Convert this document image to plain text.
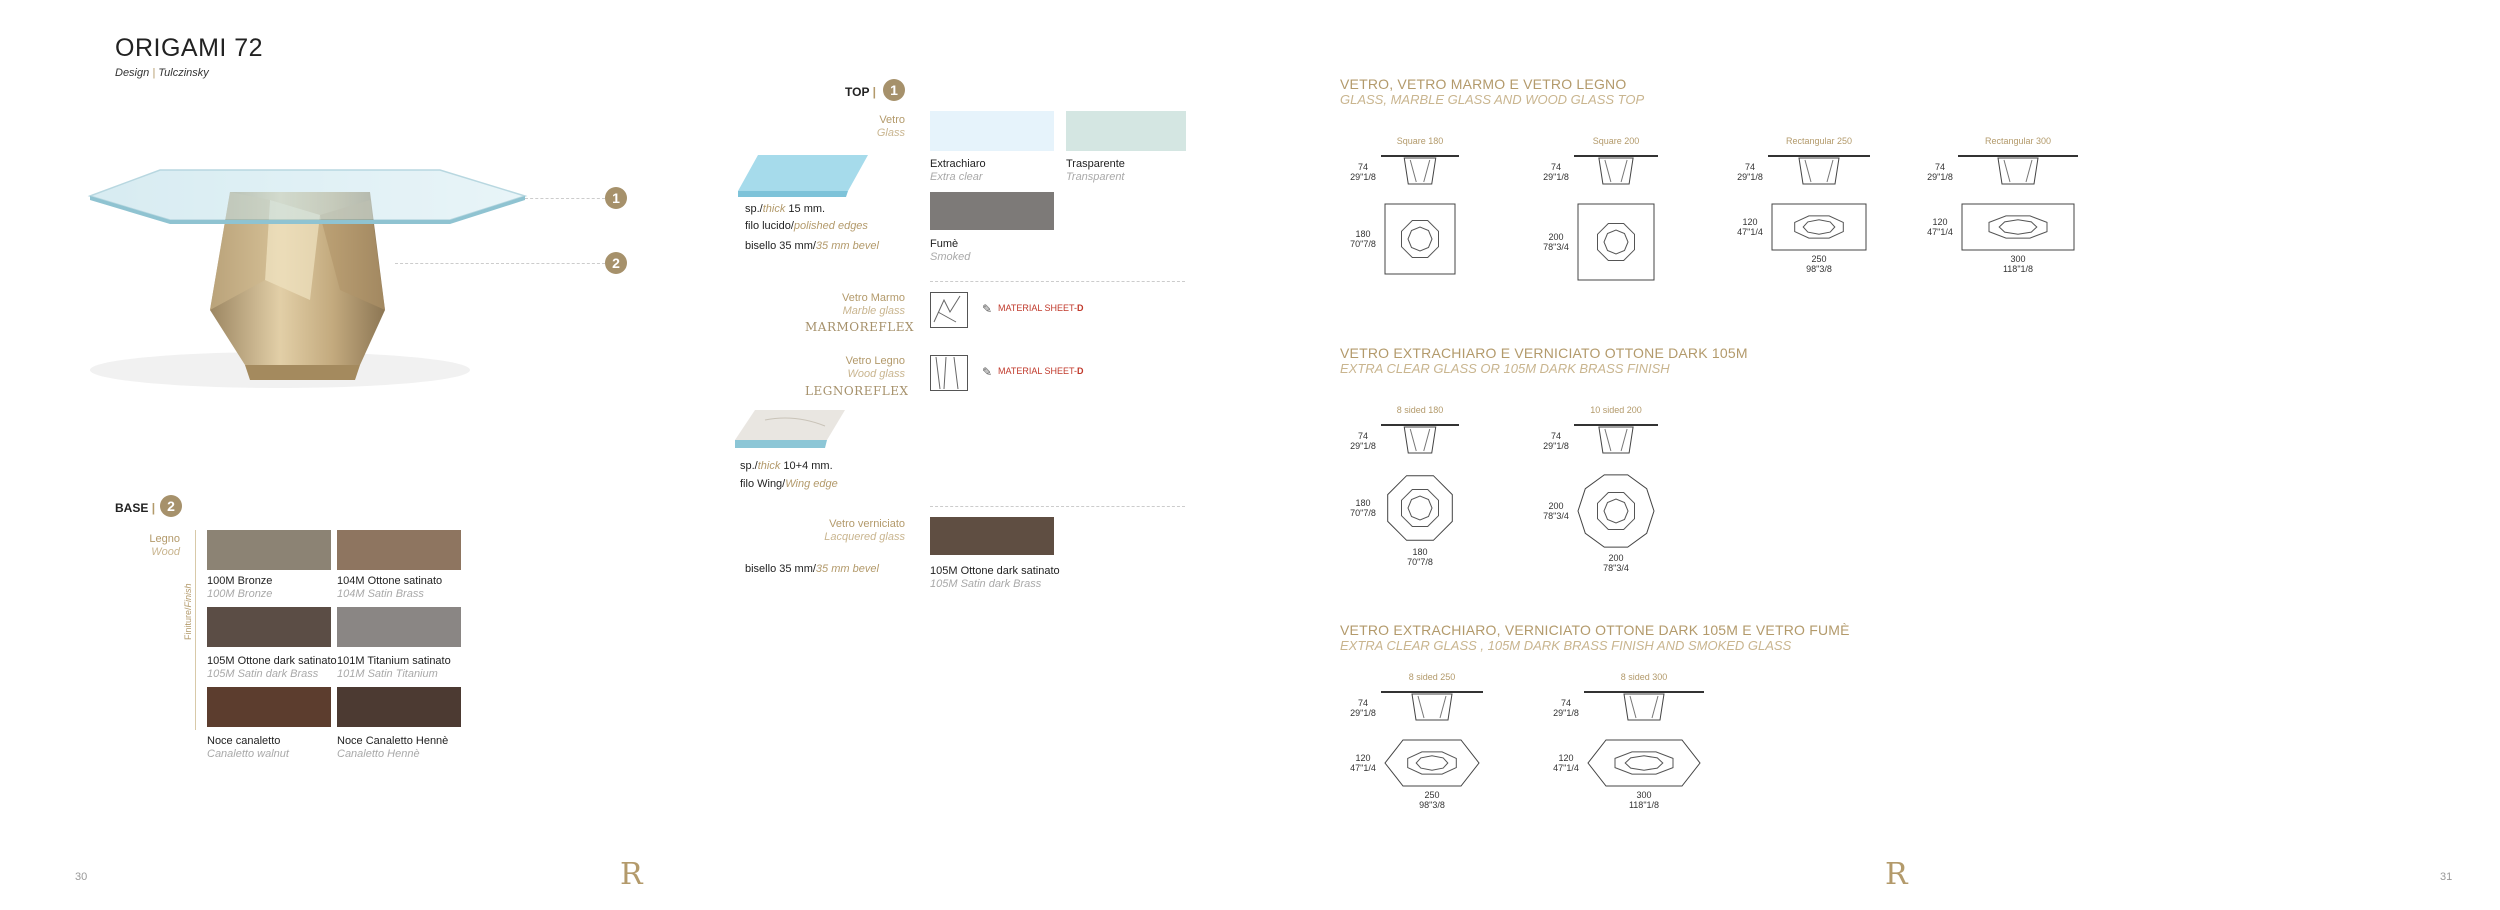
ORIGAMI 72
Design | Tulczinsky
1
2
BASE | 2
Legno
Wood
Finiture/Finish
100M Bronze
100M Bronze
104M Ottone satinato
104M Satin Brass
105M Ottone dark satinato
105M Satin dark Brass
101M Titanium satinato
101M Satin Titanium
Noce canaletto
Canaletto walnut
Noce Canaletto Hennè
Canaletto Hennè
30	R
TOP |	1
Vetro
Glass
sp./thick 15 mm.
filo lucido/polished edges
bisello 35 mm/35 mm bevel
Extrachiaro
Extra clear
Trasparente
Transparent
Fumè
Smoked
Vetro Marmo
Marble glass
MARMOREFLEX
✎ MATERIAL SHEET-D
Vetro Legno
Wood glass
LEGNOREFLEX
✎ MATERIAL SHEET-D
sp./thick 10+4 mm.
filo Wing/Wing edge
Vetro verniciato
Lacquered glass
bisello 35 mm/35 mm bevel	105M Ottone dark satinato
105M Satin dark Brass
VETRO, VETRO MARMO E VETRO LEGNO
GLASS, MARBLE GLASS AND WOOD GLASS TOP
VETRO EXTRACHIARO E VERNICIATO OTTONE DARK 105M
EXTRA CLEAR GLASS OR 105M DARK BRASS FINISH
VETRO EXTRACHIARO, VERNICIATO OTTONE DARK 105M E VETRO FUMÈ
EXTRA CLEAR GLASS , 105M DARK BRASS FINISH AND SMOKED GLASS
Square 180
74
29"1/8
180
70"7/8
Square 200
74
29"1/8
200
78"3/4
Rectangular 250
74
29"1/8
120
47"1/4
250
98"3/8
Rectangular 300
74
29"1/8
120
47"1/4
300
118"1/8
8 sided 180
74
29"1/8
180
70"7/8
180
70"7/8
10 sided 200
74
29"1/8
200
78"3/4
200
78"3/4
8 sided 250
74
29"1/8
120
47"1/4
250
98"3/8
8 sided 300
74
29"1/8
120
47"1/4
300
118"1/8
31
R
